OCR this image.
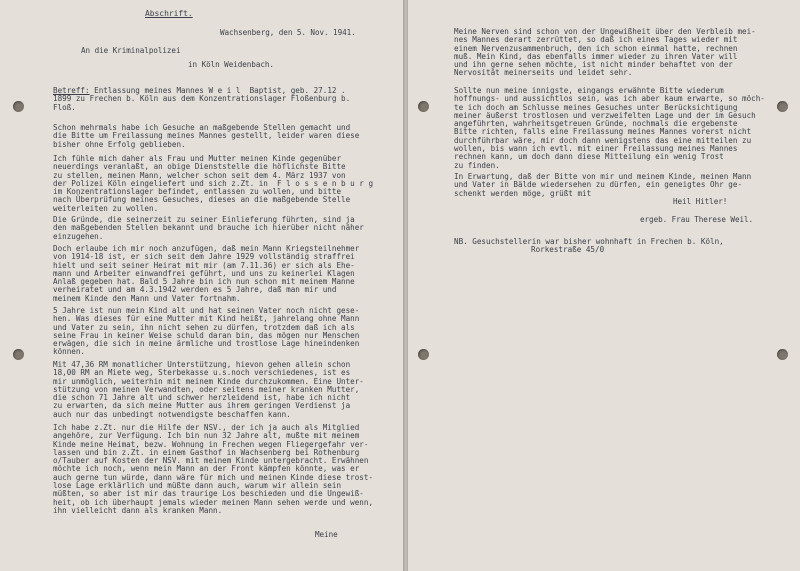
Abschrift.
Wachsenberg, den 5. Nov. 1941.
An die Kriminalpolizei
in Köln Weidenbach.
Betreff: Entlassung meines Mannes W e i l  Baptist, geb. 27.12 .
1899 zu Frechen b. Köln aus dem Konzentrationslager Floßenburg b.
Floß.
Schon mehrmals habe ich Gesuche an maßgebende Stellen gemacht und
die Bitte um Freilassung meines Mannes gestellt, leider waren diese
bisher ohne Erfolg geblieben.
Ich fühle mich daher als Frau und Mutter meinen Kinde gegenüber
neuerdings veranlaßt, an obige Dienststelle die höflichste Bitte
zu stellen, meinen Mann, welcher schon seit dem 4. März 1937 von
der Polizei Köln eingeliefert und sich z.Zt. in  F l o s s e n b u r g
im Konzentrationslager befindet, entlassen zu wollen, und bitte
nach Überprüfung meines Gesuches, dieses an die maßgebende Stelle
weiterleiten zu wollen.
Die Gründe, die seinerzeit zu seiner Einlieferung führten, sind ja
den maßgebenden Stellen bekannt und brauche ich hierüber nicht näher
einzugehen.
Doch erlaube ich mir noch anzufügen, daß mein Mann Kriegsteilnehmer
von 1914-18 ist, er sich seit dem Jahre 1929 vollständig straffrei
hielt und seit seiner Heirat mit mir (am 7.11.36) er sich als Ehe-
mann und Arbeiter einwandfrei geführt, und uns zu keinerlei Klagen
Anlaß gegeben hat. Bald 5 Jahre bin ich nun schon mit meinem Manne
verheiratet und am 4.3.1942 werden es 5 Jahre, daß man mir und
meinem Kinde den Mann und Vater fortnahm.
5 Jahre ist nun mein Kind alt und hat seinen Vater noch nicht gese-
hen. Was dieses für eine Mutter mit Kind heißt, jahrelang ohne Mann
und Vater zu sein, ihn nicht sehen zu dürfen, trotzdem daß ich als
seine Frau in keiner Weise schuld daran bin, das mögen nur Menschen
erwägen, die sich in meine ärmliche und trostlose Lage hineindenken
können.
Mit 47,36 RM monatlicher Unterstützung, hievon gehen allein schon
18,00 RM an Miete weg, Sterbekasse u.s.noch verschiedenes, ist es
mir unmöglich, weiterhin mit meinem Kinde durchzukommen. Eine Unter-
stützung von meinen Verwandten, oder seitens meiner kranken Mutter,
die schon 71 Jahre alt und schwer herzleidend ist, habe ich nicht
zu erwarten, da sich meine Mutter aus ihrem geringen Verdienst ja
auch nur das unbedingt notwendigste beschaffen kann.
Ich habe z.Zt. nur die Hilfe der NSV., der ich ja auch als Mitglied
angehöre, zur Verfügung. Ich bin nun 32 Jahre alt, mußte mit meinem
Kinde meine Heimat, bezw. Wohnung in Frechen wegen Fliegergefahr ver-
lassen und bin z.Zt. in einem Gasthof in Wachsenberg bei Rothenburg
o/Tauber auf Kosten der NSV. mit meinem Kinde untergebracht. Erwähnen
möchte ich noch, wenn mein Mann an der Front kämpfen könnte, was er
auch gerne tun würde, dann wäre für mich und meinen Kinde diese trost-
lose Lage erklärlich und müßte dann auch, warum wir allein sein
müßten, so aber ist mir das traurige Los beschieden und die Ungewiß-
heit, ob ich überhaupt jemals wieder meinen Mann sehen werde und wenn,
ihn vielleicht dann als kranken Mann.
Meine
Meine Nerven sind schon von der Ungewißheit über den Verbleib mei-
nes Mannes derart zerrüttet, so daß ich eines Tages wieder mit
einem Nervenzusammenbruch, den ich schon einmal hatte, rechnen
muß. Mein Kind, das ebenfalls immer wieder zu ihren Vater will
und ihn gerne sehen möchte, ist nicht minder behaftet von der
Nervosität meinerseits und leidet sehr.
Sollte nun meine innigste, eingangs erwähnte Bitte wiederum
hoffnungs- und aussichtlos sein, was ich aber kaum erwarte, so möch-
te ich doch am Schlusse meines Gesuches unter Berücksichtigung
meiner äußerst trostlosen und verzweifelten Lage und der im Gesuch
angeführten, wahrheitsgetreuen Gründe, nochmals die ergebenste
Bitte richten, falls eine Freilassung meines Mannes vorerst nicht
durchführbar wäre, mir doch dann wenigstens das eine mitteilen zu
wollen, bis wann ich evtl. mit einer Freilassung meines Mannes
rechnen kann, um doch dann diese Mitteilung ein wenig Trost
zu finden.
In Erwartung, daß der Bitte von mir und meinem Kinde, meinen Mann
und Vater in Bälde wiedersehen zu dürfen, ein geneigtes Ohr ge-
schenkt werden möge, grüßt mit
Heil Hitler!
ergeb. Frau Therese Weil.
NB. Gesuchstellerin war bisher wohnhaft in Frechen b. Köln,
Rorkestraße 45/0
